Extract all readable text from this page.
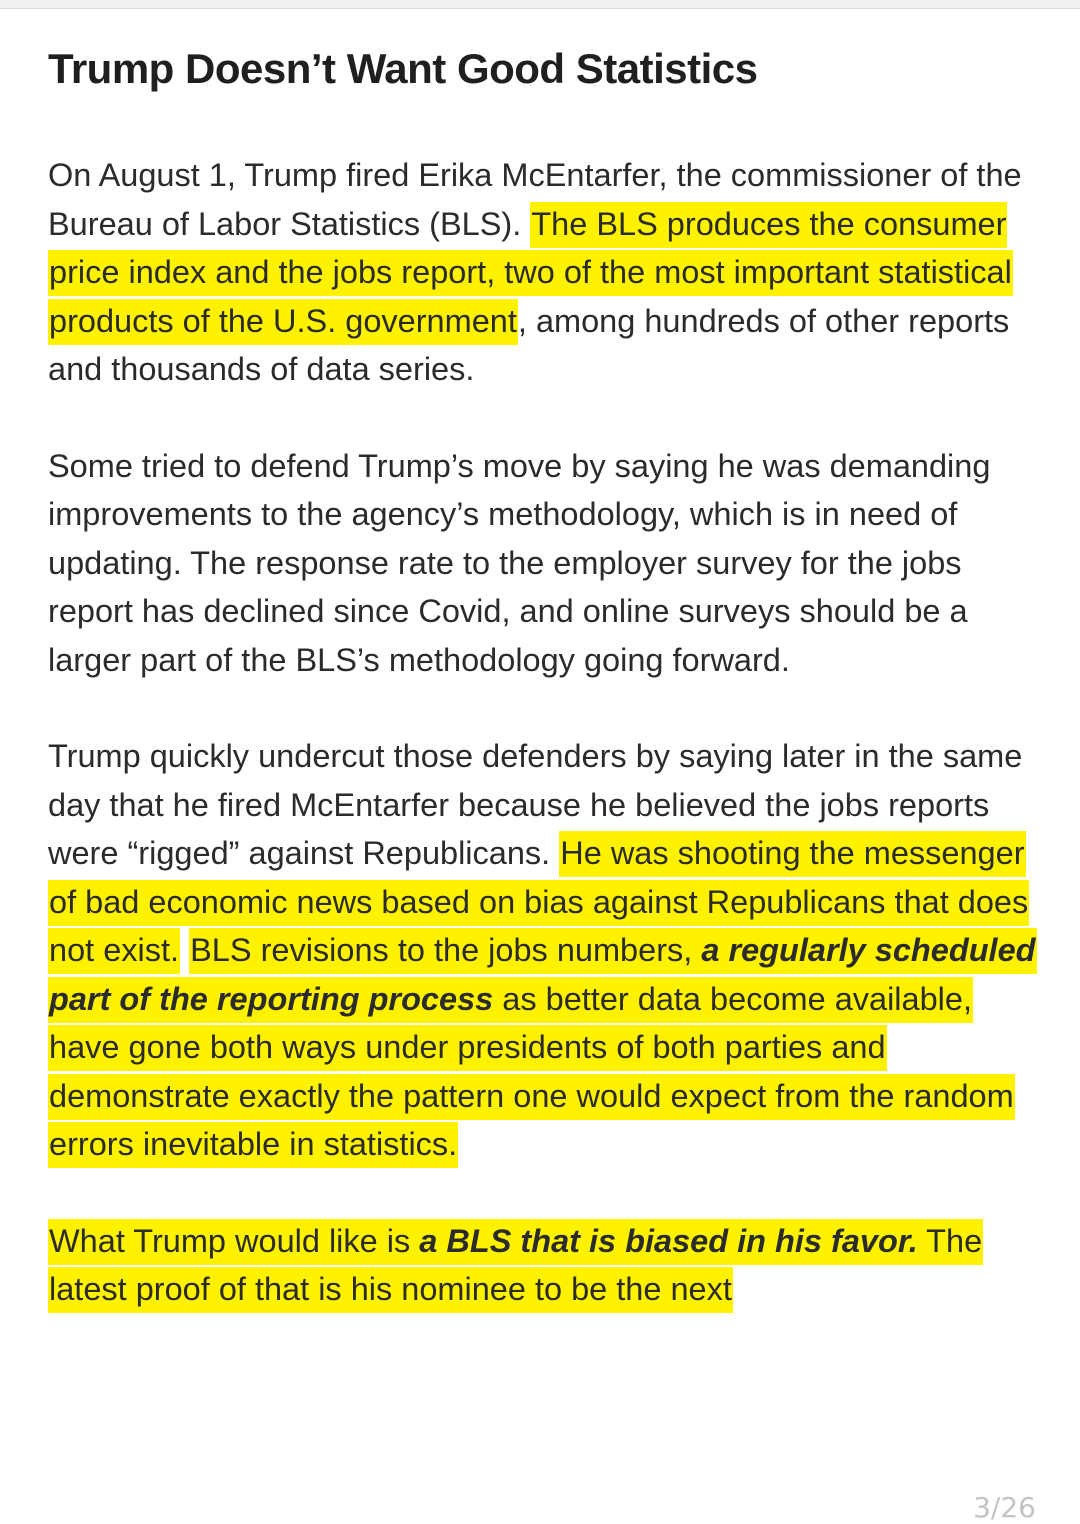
Trump Doesn’t Want Good Statistics

On August 1, Trump fired Erika McEntarfer, the commissioner of the Bureau of Labor Statistics (BLS). The BLS produces the consumer price index and the jobs report, two of the most important statistical products of the U.S. government, among hundreds of other reports and thousands of data series.

Some tried to defend Trump’s move by saying he was demanding improvements to the agency’s methodology, which is in need of updating. The response rate to the employer survey for the jobs report has declined since Covid, and online surveys should be a larger part of the BLS’s methodology going forward.

Trump quickly undercut those defenders by saying later in the same day that he fired McEntarfer because he believed the jobs reports were “rigged” against Republicans. He was shooting the messenger of bad economic news based on bias against Republicans that does not exist. BLS revisions to the jobs numbers, a regularly scheduled part of the reporting process as better data become available, have gone both ways under presidents of both parties and demonstrate exactly the pattern one would expect from the random errors inevitable in statistics.

What Trump would like is a BLS that is biased in his favor. The latest proof of that is his nominee to be the next

3/26
